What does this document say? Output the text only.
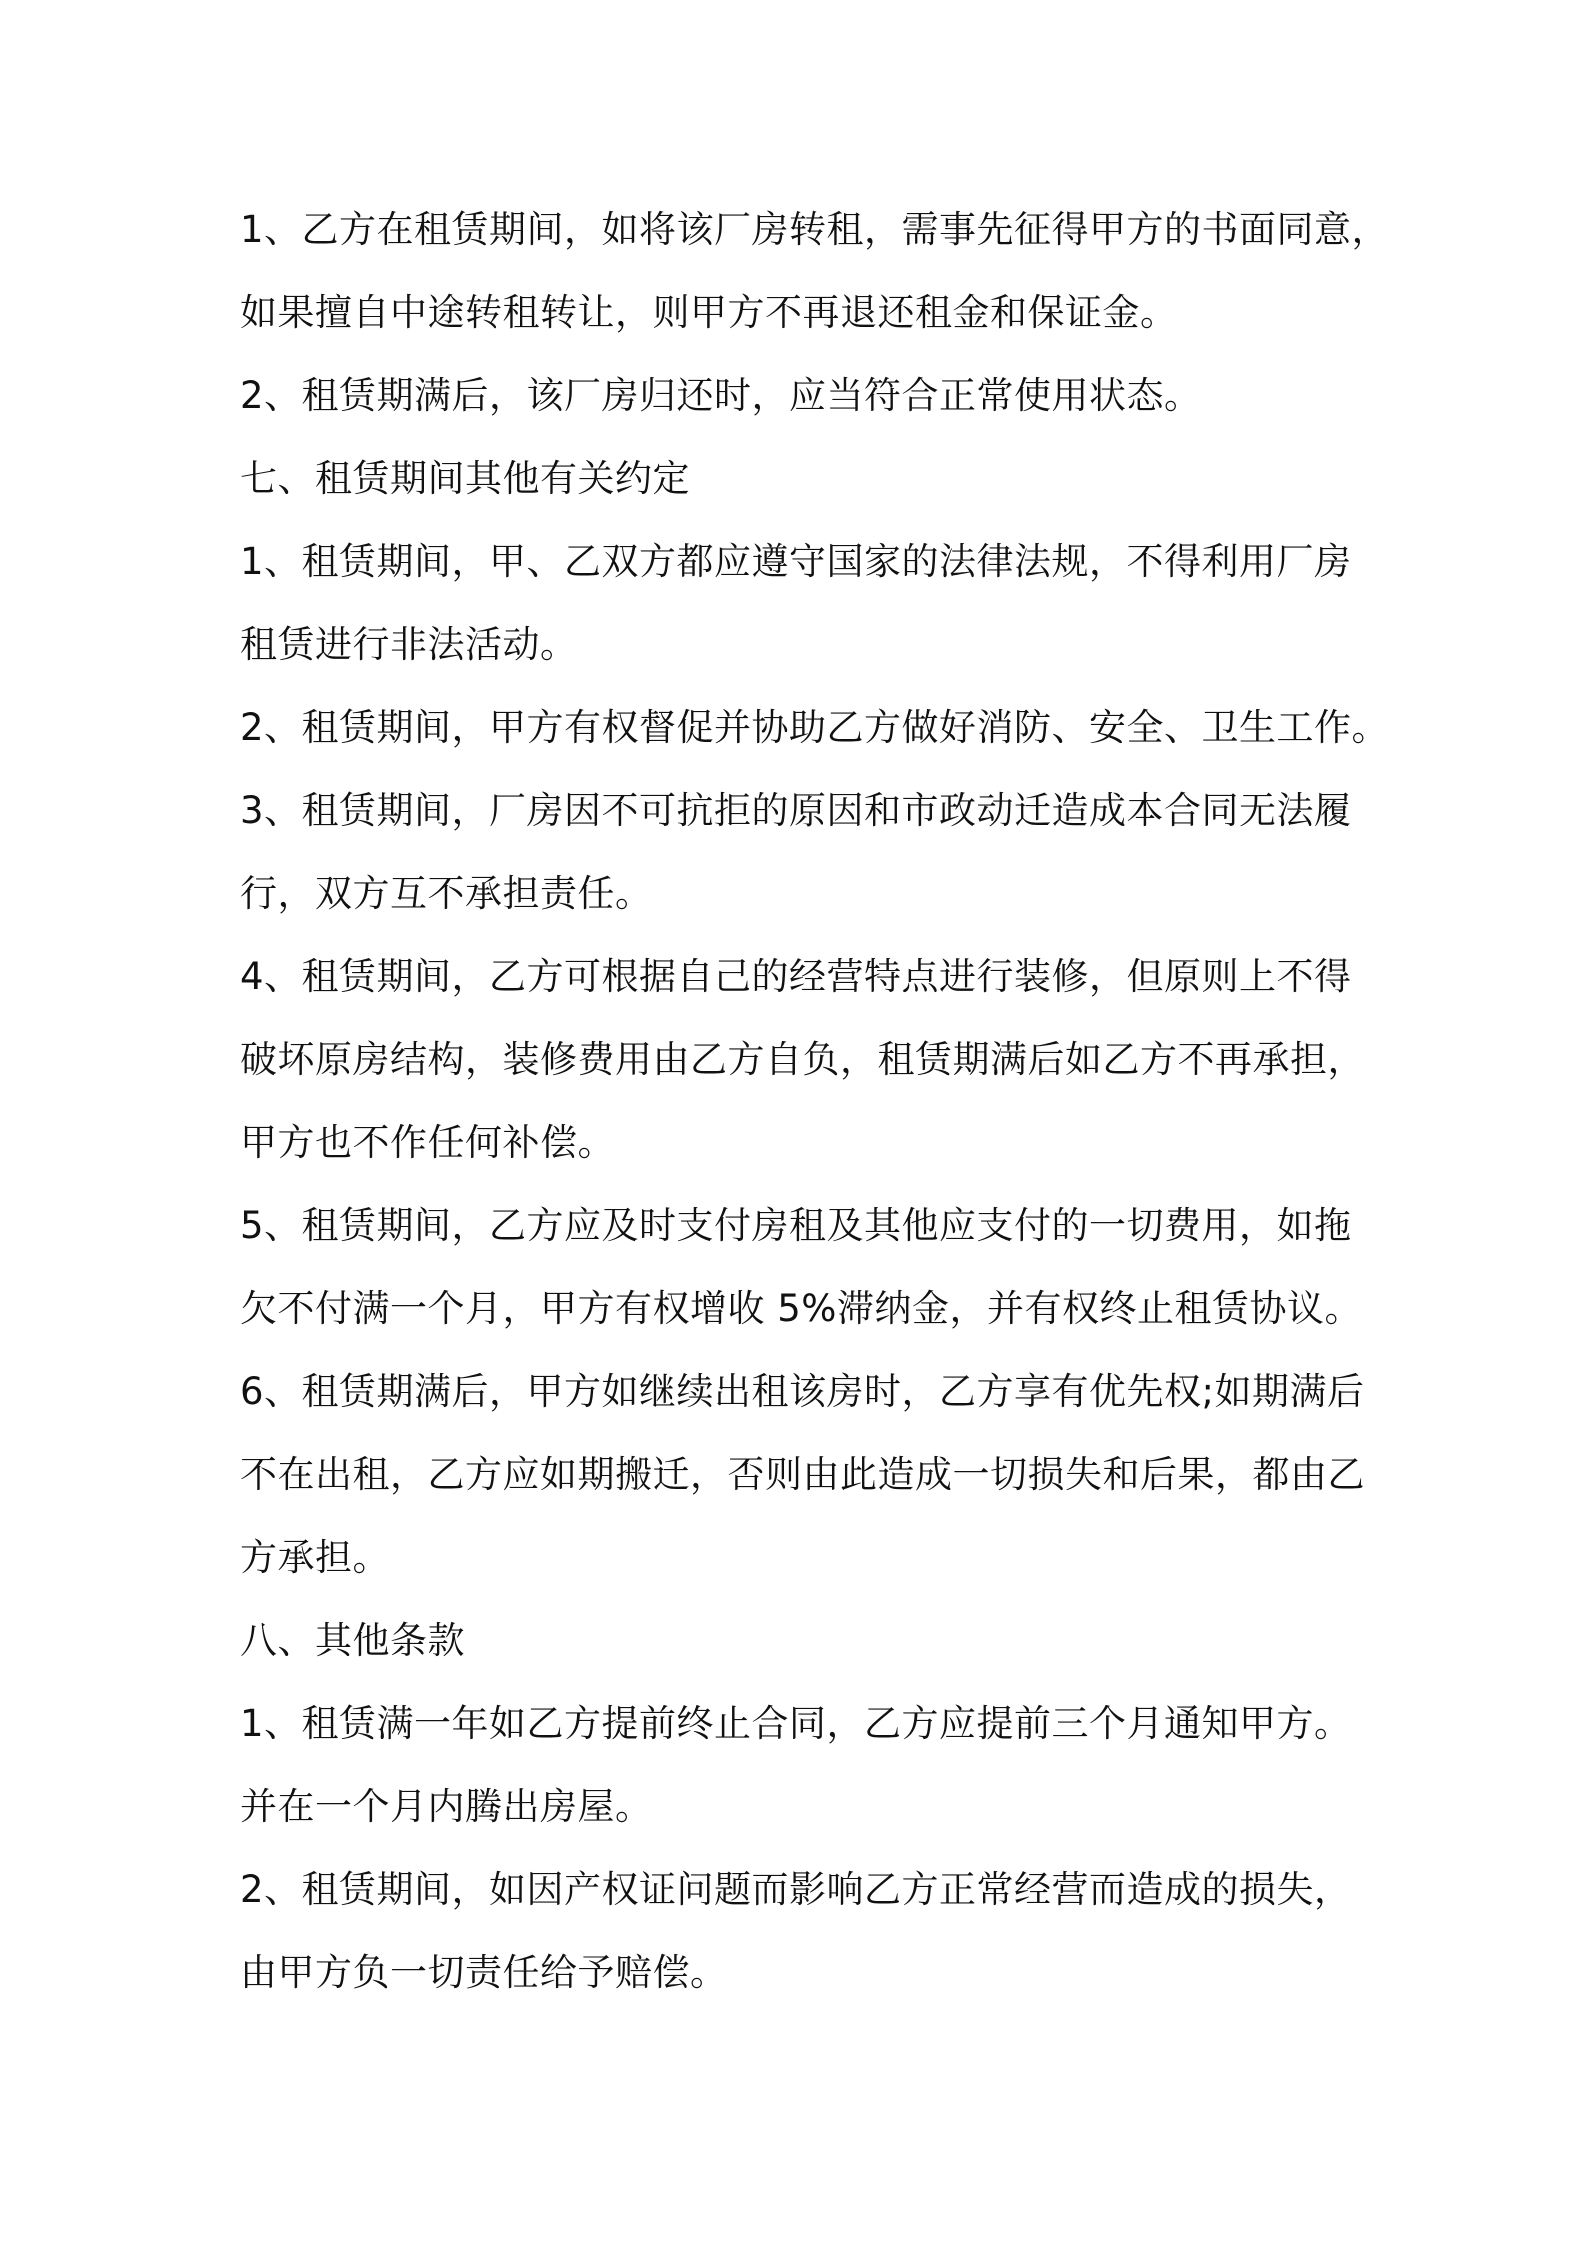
1、乙方在租赁期间，如将该厂房转租，需事先征得甲方的书面同意，
如果擅自中途转租转让，则甲方不再退还租金和保证金。
2、租赁期满后，该厂房归还时，应当符合正常使用状态。
七、租赁期间其他有关约定
1、租赁期间，甲、乙双方都应遵守国家的法律法规，不得利用厂房
租赁进行非法活动。
2、租赁期间，甲方有权督促并协助乙方做好消防、安全、卫生工作。
3、租赁期间，厂房因不可抗拒的原因和市政动迁造成本合同无法履
行，双方互不承担责任。
4、租赁期间，乙方可根据自己的经营特点进行装修，但原则上不得
破坏原房结构，装修费用由乙方自负，租赁期满后如乙方不再承担，
甲方也不作任何补偿。
5、租赁期间，乙方应及时支付房租及其他应支付的一切费用，如拖
欠不付满一个月，甲方有权增收 5%滞纳金，并有权终止租赁协议。
6、租赁期满后，甲方如继续出租该房时，乙方享有优先权;如期满后
不在出租，乙方应如期搬迁，否则由此造成一切损失和后果，都由乙
方承担。
八、其他条款
1、租赁满一年如乙方提前终止合同，乙方应提前三个月通知甲方。
并在一个月内腾出房屋。
2、租赁期间，如因产权证问题而影响乙方正常经营而造成的损失，
由甲方负一切责任给予赔偿。
